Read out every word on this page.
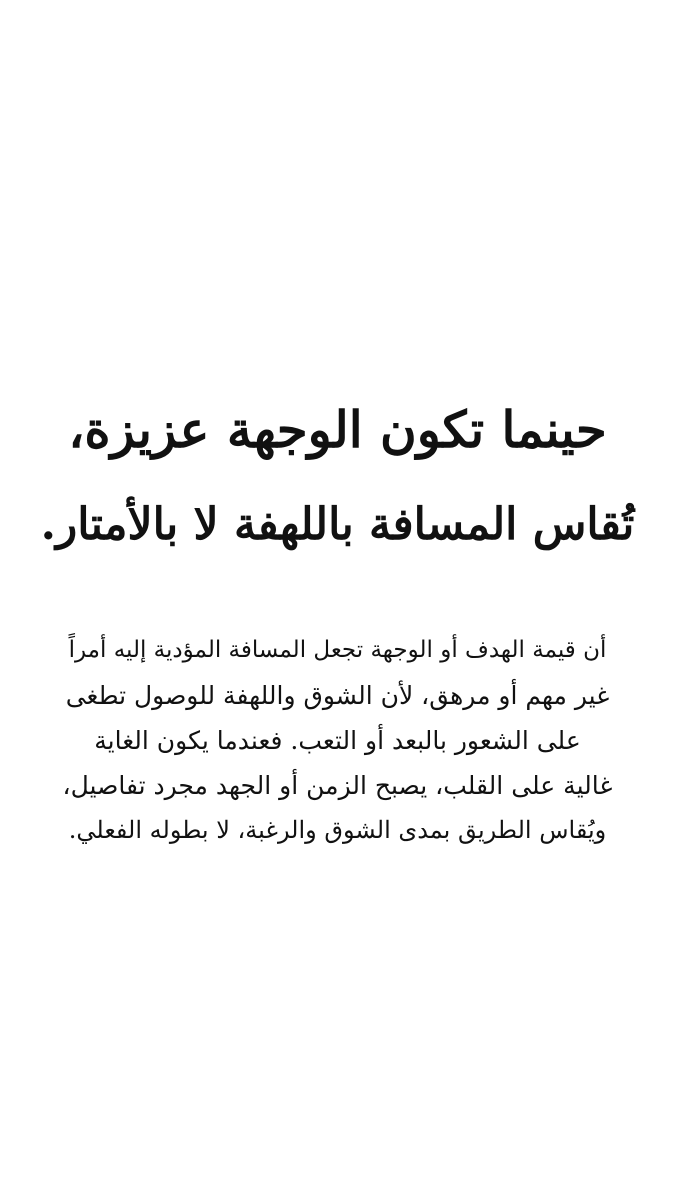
حينما تكون الوجهة عزيزة،
تُقاس المسافة باللهفة لا بالأمتار.
أن قيمة الهدف أو الوجهة تجعل المسافة المؤدية إليه أمراً
غير مهم أو مرهق، لأن الشوق واللهفة للوصول تطغى
على الشعور بالبعد أو التعب. فعندما يكون الغاية
غالية على القلب، يصبح الزمن أو الجهد مجرد تفاصيل،
ويُقاس الطريق بمدى الشوق والرغبة، لا بطوله الفعلي.
